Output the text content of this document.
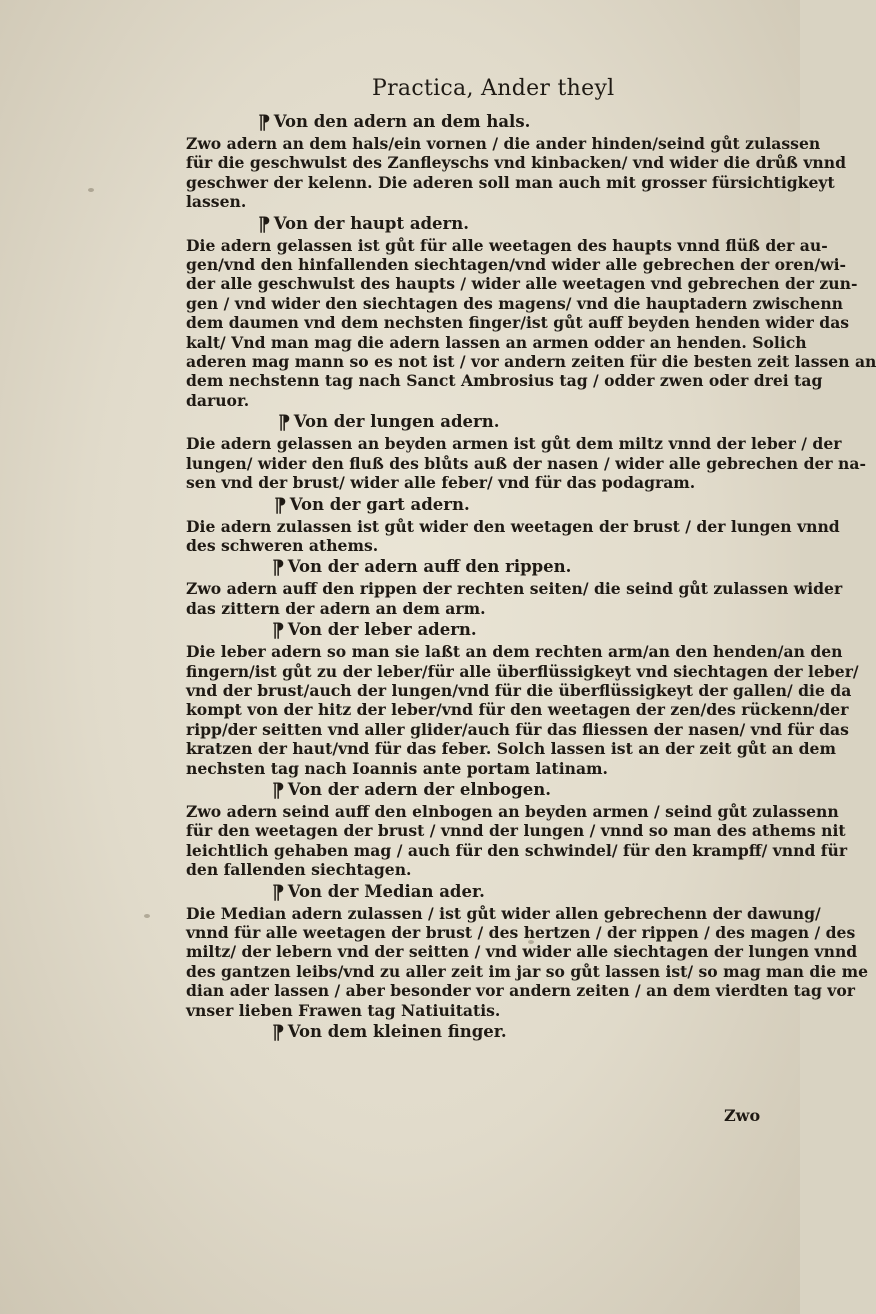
Practica, Ander theyl
¶ Von den adern an dem hals.
Zwo adern an dem hals/ein vornen / die ander hinden/seind gůt zulassen
für die geschwulst des Zanfleyschs vnd kinbacken/ vnd wider die drůß vnnd
geschwer der kelenn. Die aderen soll man auch mit grosser fürsichtigkeyt
lassen.
¶ Von der haupt adern.
Die adern gelassen ist gůt für alle weetagen des haupts vnnd flüß der au-
gen/vnd den hinfallenden siechtagen/vnd wider alle gebrechen der oren/wi-
der alle geschwulst des haupts / wider alle weetagen vnd gebrechen der zun-
gen / vnd wider den siechtagen des magens/ vnd die hauptadern zwischenn
dem daumen vnd dem nechsten finger/ist gůt auff beyden henden wider das
kalt/ Vnd man mag die adern lassen an armen odder an henden. Solich
aderen mag mann so es not ist / vor andern zeiten für die besten zeit lassen an
dem nechstenn tag nach Sanct Ambrosius tag / odder zwen oder drei tag
daruor.
¶ Von der lungen adern.
Die adern gelassen an beyden armen ist gůt dem miltz vnnd der leber / der
lungen/ wider den fluß des blůts auß der nasen / wider alle gebrechen der na-
sen vnd der brust/ wider alle feber/ vnd für das podagram.
¶ Von der gart adern.
Die adern zulassen ist gůt wider den weetagen der brust / der lungen vnnd
des schweren athems.
¶ Von der adern auff den rippen.
Zwo adern auff den rippen der rechten seiten/ die seind gůt zulassen wider
das zittern der adern an dem arm.
¶ Von der leber adern.
Die leber adern so man sie laßt an dem rechten arm/an den henden/an den
fingern/ist gůt zu der leber/für alle überflüssigkeyt vnd siechtagen der leber/
vnd der brust/auch der lungen/vnd für die überflüssigkeyt der gallen/ die da
kompt von der hitz der leber/vnd für den weetagen der zen/des rückenn/der
ripp/der seitten vnd aller glider/auch für das fliessen der nasen/ vnd für das
kratzen der haut/vnd für das feber. Solch lassen ist an der zeit gůt an dem
nechsten tag nach Ioannis ante portam latinam.
¶ Von der adern der elnbogen.
Zwo adern seind auff den elnbogen an beyden armen / seind gůt zulassenn
für den weetagen der brust / vnnd der lungen / vnnd so man des athems nit
leichtlich gehaben mag / auch für den schwindel/ für den krampff/ vnnd für
den fallenden siechtagen.
¶ Von der Median ader.
Die Median adern zulassen / ist gůt wider allen gebrechenn der dawung/
vnnd für alle weetagen der brust / des hertzen / der rippen / des magen / des
miltz/ der lebern vnd der seitten / vnd wider alle siechtagen der lungen vnnd
des gantzen leibs/vnd zu aller zeit im jar so gůt lassen ist/ so mag man die me
dian ader lassen / aber besonder vor andern zeiten / an dem vierdten tag vor
vnser lieben Frawen tag Natiuitatis.
¶ Von dem kleinen finger.
Zwo
